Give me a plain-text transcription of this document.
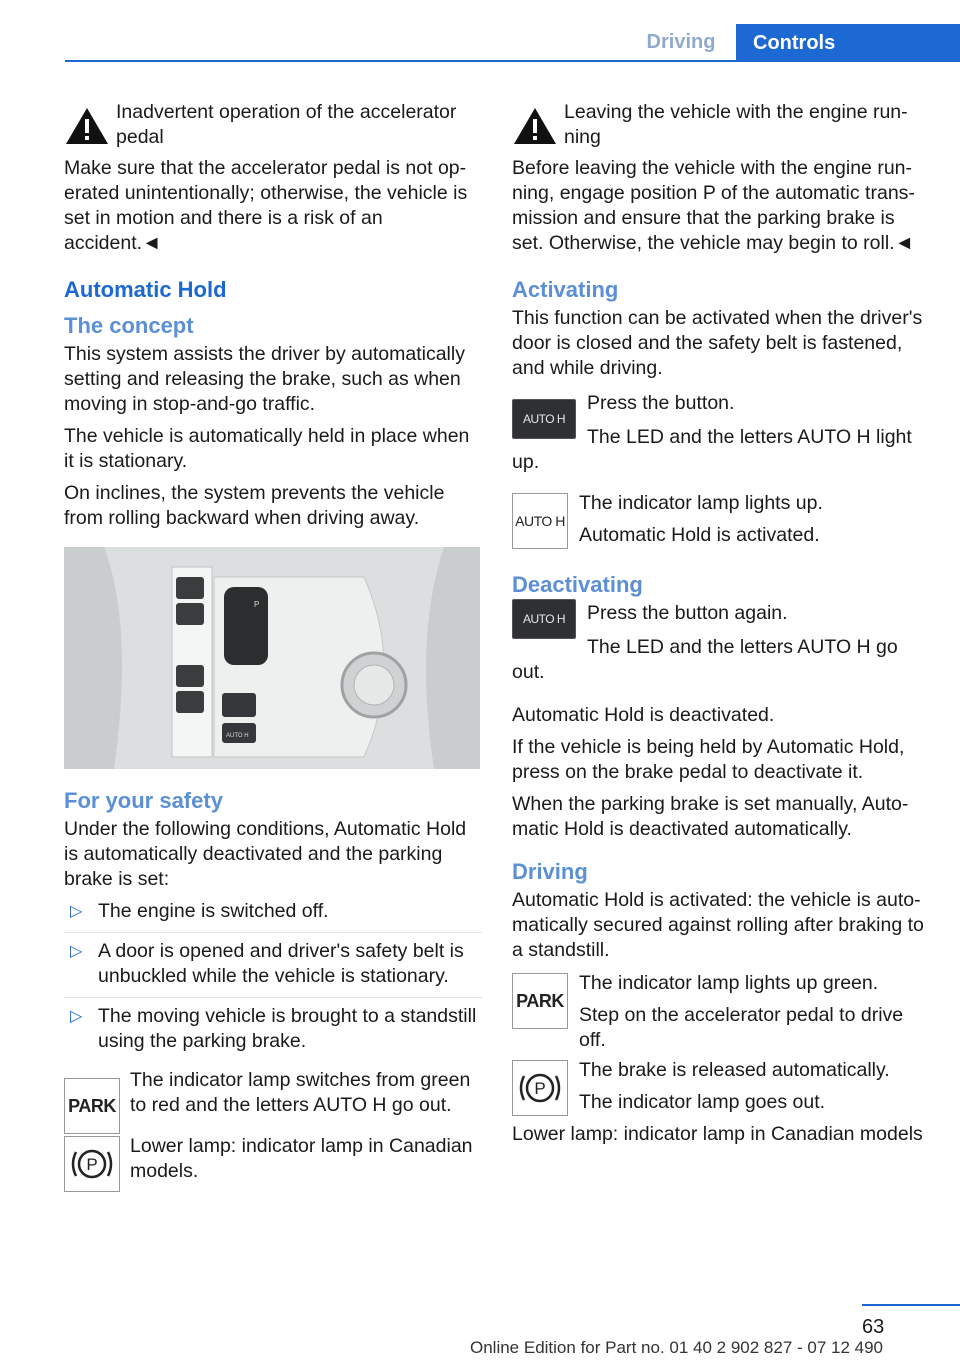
Driving	Controls
Inadvertent operation of the accelerator pedal

Make sure that the accelerator pedal is not operated unintentionally; otherwise, the vehicle is set in motion and there is a risk of an accident.◄

Automatic Hold
The concept

This system assists the driver by automatically setting and releasing the brake, such as when moving in stop-and-go traffic.

The vehicle is automatically held in place when it is stationary.

On inclines, the system prevents the vehicle from rolling backward when driving away.

P
AUTO H
For your safety

Under the following conditions, Automatic Hold is automatically deactivated and the parking brake is set:

▷ The engine is switched off.
▷ A door is opened and driver's safety belt is unbuckled while the vehicle is stationary.
▷ The moving vehicle is brought to a standstill using the parking brake.
PARK
The indicator lamp switches from green to red and the letters AUTO H go out.
P
Lower lamp: indicator lamp in Canadian models.
Leaving the vehicle with the engine running

Before leaving the vehicle with the engine running, engage position P of the automatic transmission and ensure that the parking brake is set. Otherwise, the vehicle may begin to roll.◄

Activating

This function can be activated when the driver's door is closed and the safety belt is fastened, and while driving.

AUTO H

Press the button.

The LED and the letters AUTO H light up.

AUTO H

The indicator lamp lights up.

Automatic Hold is activated.

Deactivating
AUTO H	Press the button again.

The LED and the letters AUTO H go out.

Automatic Hold is deactivated.

If the vehicle is being held by Automatic Hold, press on the brake pedal to deactivate it.

When the parking brake is set manually, Automatic Hold is deactivated automatically.

Driving

Automatic Hold is activated: the vehicle is automatically secured against rolling after braking to a standstill.

PARK

The indicator lamp lights up green.

Step on the accelerator pedal to drive off.

P

The brake is released automatically.

The indicator lamp goes out.

Lower lamp: indicator lamp in Canadian models

63
Online Edition for Part no. 01 40 2 902 827 - 07 12 490
